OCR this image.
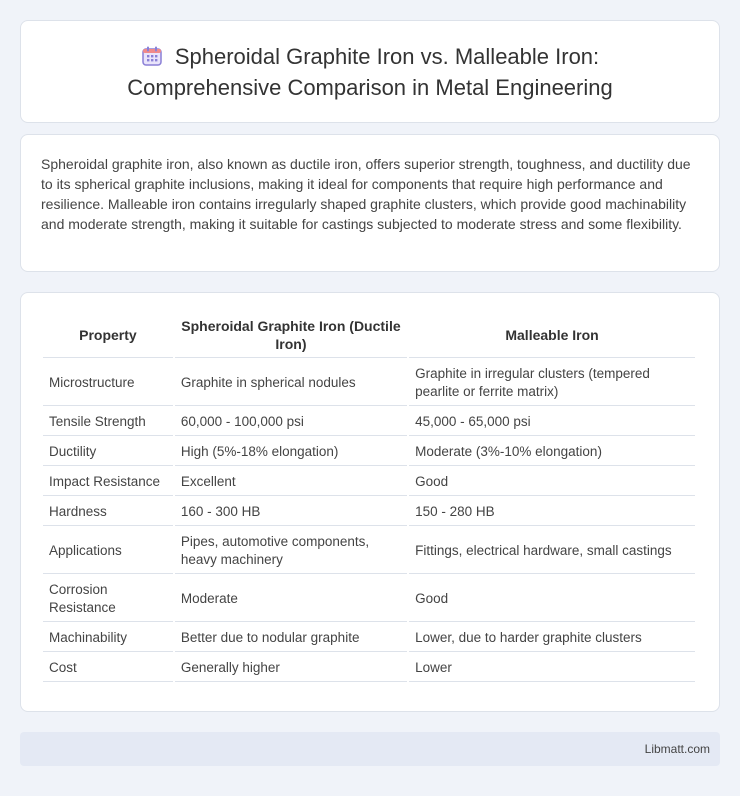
Spheroidal Graphite Iron vs. Malleable Iron:
Comprehensive Comparison in Metal Engineering

Spheroidal graphite iron, also known as ductile iron, offers superior strength, toughness, and ductility due to its spherical graphite inclusions, making it ideal for components that require high performance and resilience. Malleable iron contains irregularly shaped graphite clusters, which provide good machinability and moderate strength, making it suitable for castings subjected to moderate stress and some flexibility.

Property	Spheroidal Graphite Iron (Ductile Iron)	Malleable Iron
Microstructure	Graphite in spherical nodules	Graphite in irregular clusters (tempered pearlite or ferrite matrix)
Tensile Strength	60,000 - 100,000 psi	45,000 - 65,000 psi
Ductility	High (5%-18% elongation)	Moderate (3%-10% elongation)
Impact Resistance	Excellent	Good
Hardness	160 - 300 HB	150 - 280 HB
Applications	Pipes, automotive components, heavy machinery	Fittings, electrical hardware, small castings
Corrosion Resistance	Moderate	Good
Machinability	Better due to nodular graphite	Lower, due to harder graphite clusters
Cost	Generally higher	Lower
Libmatt.com
